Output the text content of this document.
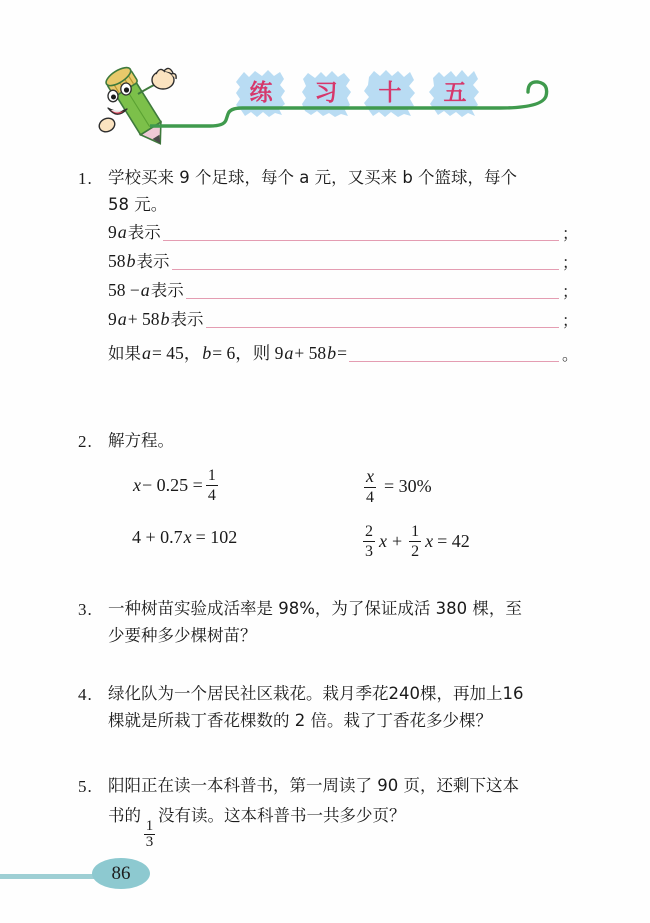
练 习 十 五
1. 学校买来 9 个足球，每个 a 元，又买来 b 个篮球，每个
58 元。
9a表示	；
58b表示	；
58 −a表示	；
9a+ 58b表示	；
如果a= 45，b= 6，则 9a+ 58b=	。
2. 解方程。
$x - 0.25 = \frac{1}{4}$	$\frac{x}{4} = 30\%$
4 + 0.7 x = 102	$\frac{2}{3}$ $x + \frac{1}{2}$ x = 42
3. 一种树苗实验成活率是 98%，为了保证成活 380 棵，至
少要种多少棵树苗？
4. 绿化队为一个居民社区栽花。栽月季花240棵，再加上16
棵就是所栽丁香花棵数的 2 倍。栽了丁香花多少棵？
5. 阳阳正在读一本科普书，第一周读了 90 页，还剩下这本
书的
$\frac{1}{3}$
没有读。这本科普书一共多少页？
86
